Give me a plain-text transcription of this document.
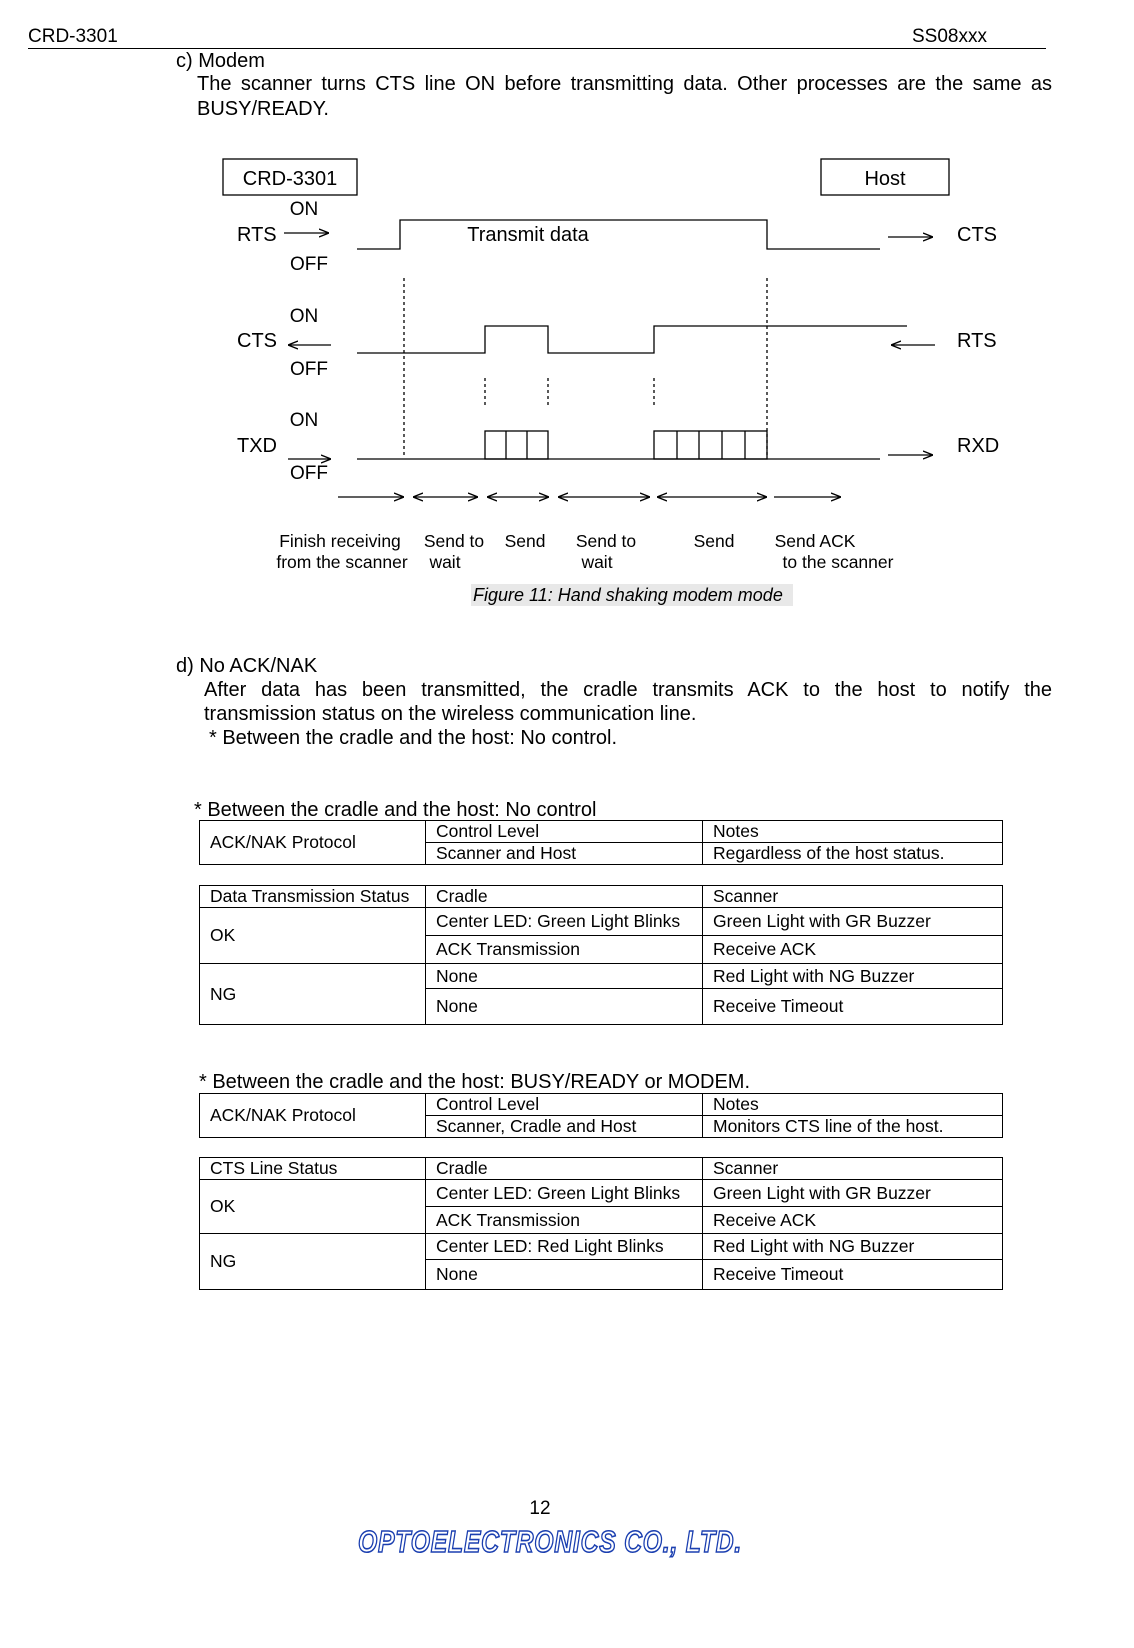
CRD-3301	SS08xxx
c) Modem
The scanner turns CTS line ON before transmitting data. Other processes are the same as BUSY/READY.
CRD-3301	Host
ON
OFF
RTS	Transmit data	CTS
ON
OFF
CTS	RTS
ON
OFF
TXD	RXD
Finish receiving
from the scanner
Send to
wait
Send Send to
wait
Send Send ACK
to the scanner
Figure 11: Hand shaking modem mode
d) No ACK/NAK
After data has been transmitted, the cradle transmits ACK to the host to notify the
transmission status on the wireless communication line.
* Between the cradle and the host: No control.
* Between the cradle and the host: No control
ACK/NAK Protocol	Control Level	Notes
	Scanner and Host	Regardless of the host status.
Data Transmission Status	Cradle	Scanner
OK	Center LED: Green Light Blinks	Green Light with GR Buzzer
	ACK Transmission	Receive ACK
NG	None	Red Light with NG Buzzer
	None	Receive Timeout
* Between the cradle and the host: BUSY/READY or MODEM.
ACK/NAK Protocol	Control Level	Notes
	Scanner, Cradle and Host	Monitors CTS line of the host.
CTS Line Status	Cradle	Scanner
OK	Center LED: Green Light Blinks	Green Light with GR Buzzer
	ACK Transmission	Receive ACK
NG	Center LED: Red Light Blinks	Red Light with NG Buzzer
	None	Receive Timeout
12
OPTOELECTRONICS CO., LTD.
